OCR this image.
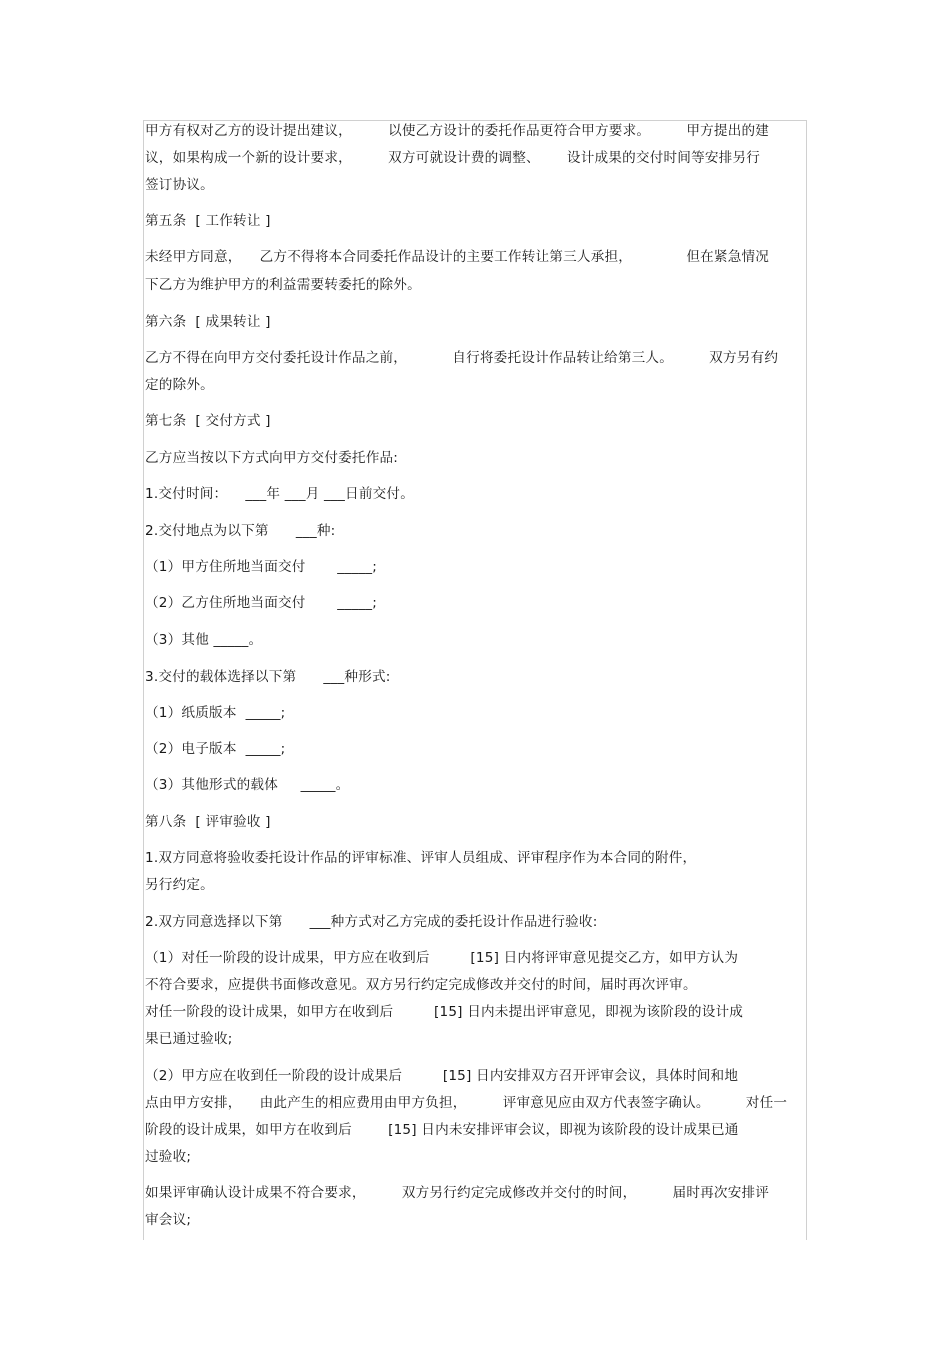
甲方有权对乙方的设计提出建议，        以使乙方设计的委托作品更符合甲方要求。        甲方提出的建
议，如果构成一个新的设计要求，        双方可就设计费的调整、      设计成果的交付时间等安排另行
签订协议。
第五条  [ 工作转让 ]
未经甲方同意，    乙方不得将本合同委托作品设计的主要工作转让第三人承担，            但在紧急情况
下乙方为维护甲方的利益需要转委托的除外。
第六条  [ 成果转让 ]
乙方不得在向甲方交付委托设计作品之前，          自行将委托设计作品转让给第三人。        双方另有约
定的除外。
第七条  [ 交付方式 ]
乙方应当按以下方式向甲方交付委托作品:
1.交付时间：    ___年 ___月 ___日前交付。
2.交付地点为以下第      ___种:
（1）甲方住所地当面交付       _____;
（2）乙方住所地当面交付       _____;
（3）其他 _____。
3.交付的载体选择以下第      ___种形式:
（1）纸质版本  _____;
（2）电子版本  _____;
（3）其他形式的载体     _____。
第八条  [ 评审验收 ]
1.双方同意将验收委托设计作品的评审标准、评审人员组成、评审程序作为本合同的附件，
另行约定。
2.双方同意选择以下第      ___种方式对乙方完成的委托设计作品进行验收:
（1）对任一阶段的设计成果，甲方应在收到后         [15] 日内将评审意见提交乙方，如甲方认为
不符合要求，应提供书面修改意见。双方另行约定完成修改并交付的时间，届时再次评审。
对任一阶段的设计成果，如甲方在收到后         [15] 日内未提出评审意见，即视为该阶段的设计成
果已通过验收;
（2）甲方应在收到任一阶段的设计成果后         [15] 日内安排双方召开评审会议，具体时间和地
点由甲方安排，    由此产生的相应费用由甲方负担，        评审意见应由双方代表签字确认。        对任一
阶段的设计成果，如甲方在收到后        [15] 日内未安排评审会议，即视为该阶段的设计成果已通
过验收;
如果评审确认设计成果不符合要求，        双方另行约定完成修改并交付的时间，        届时再次安排评
审会议;
